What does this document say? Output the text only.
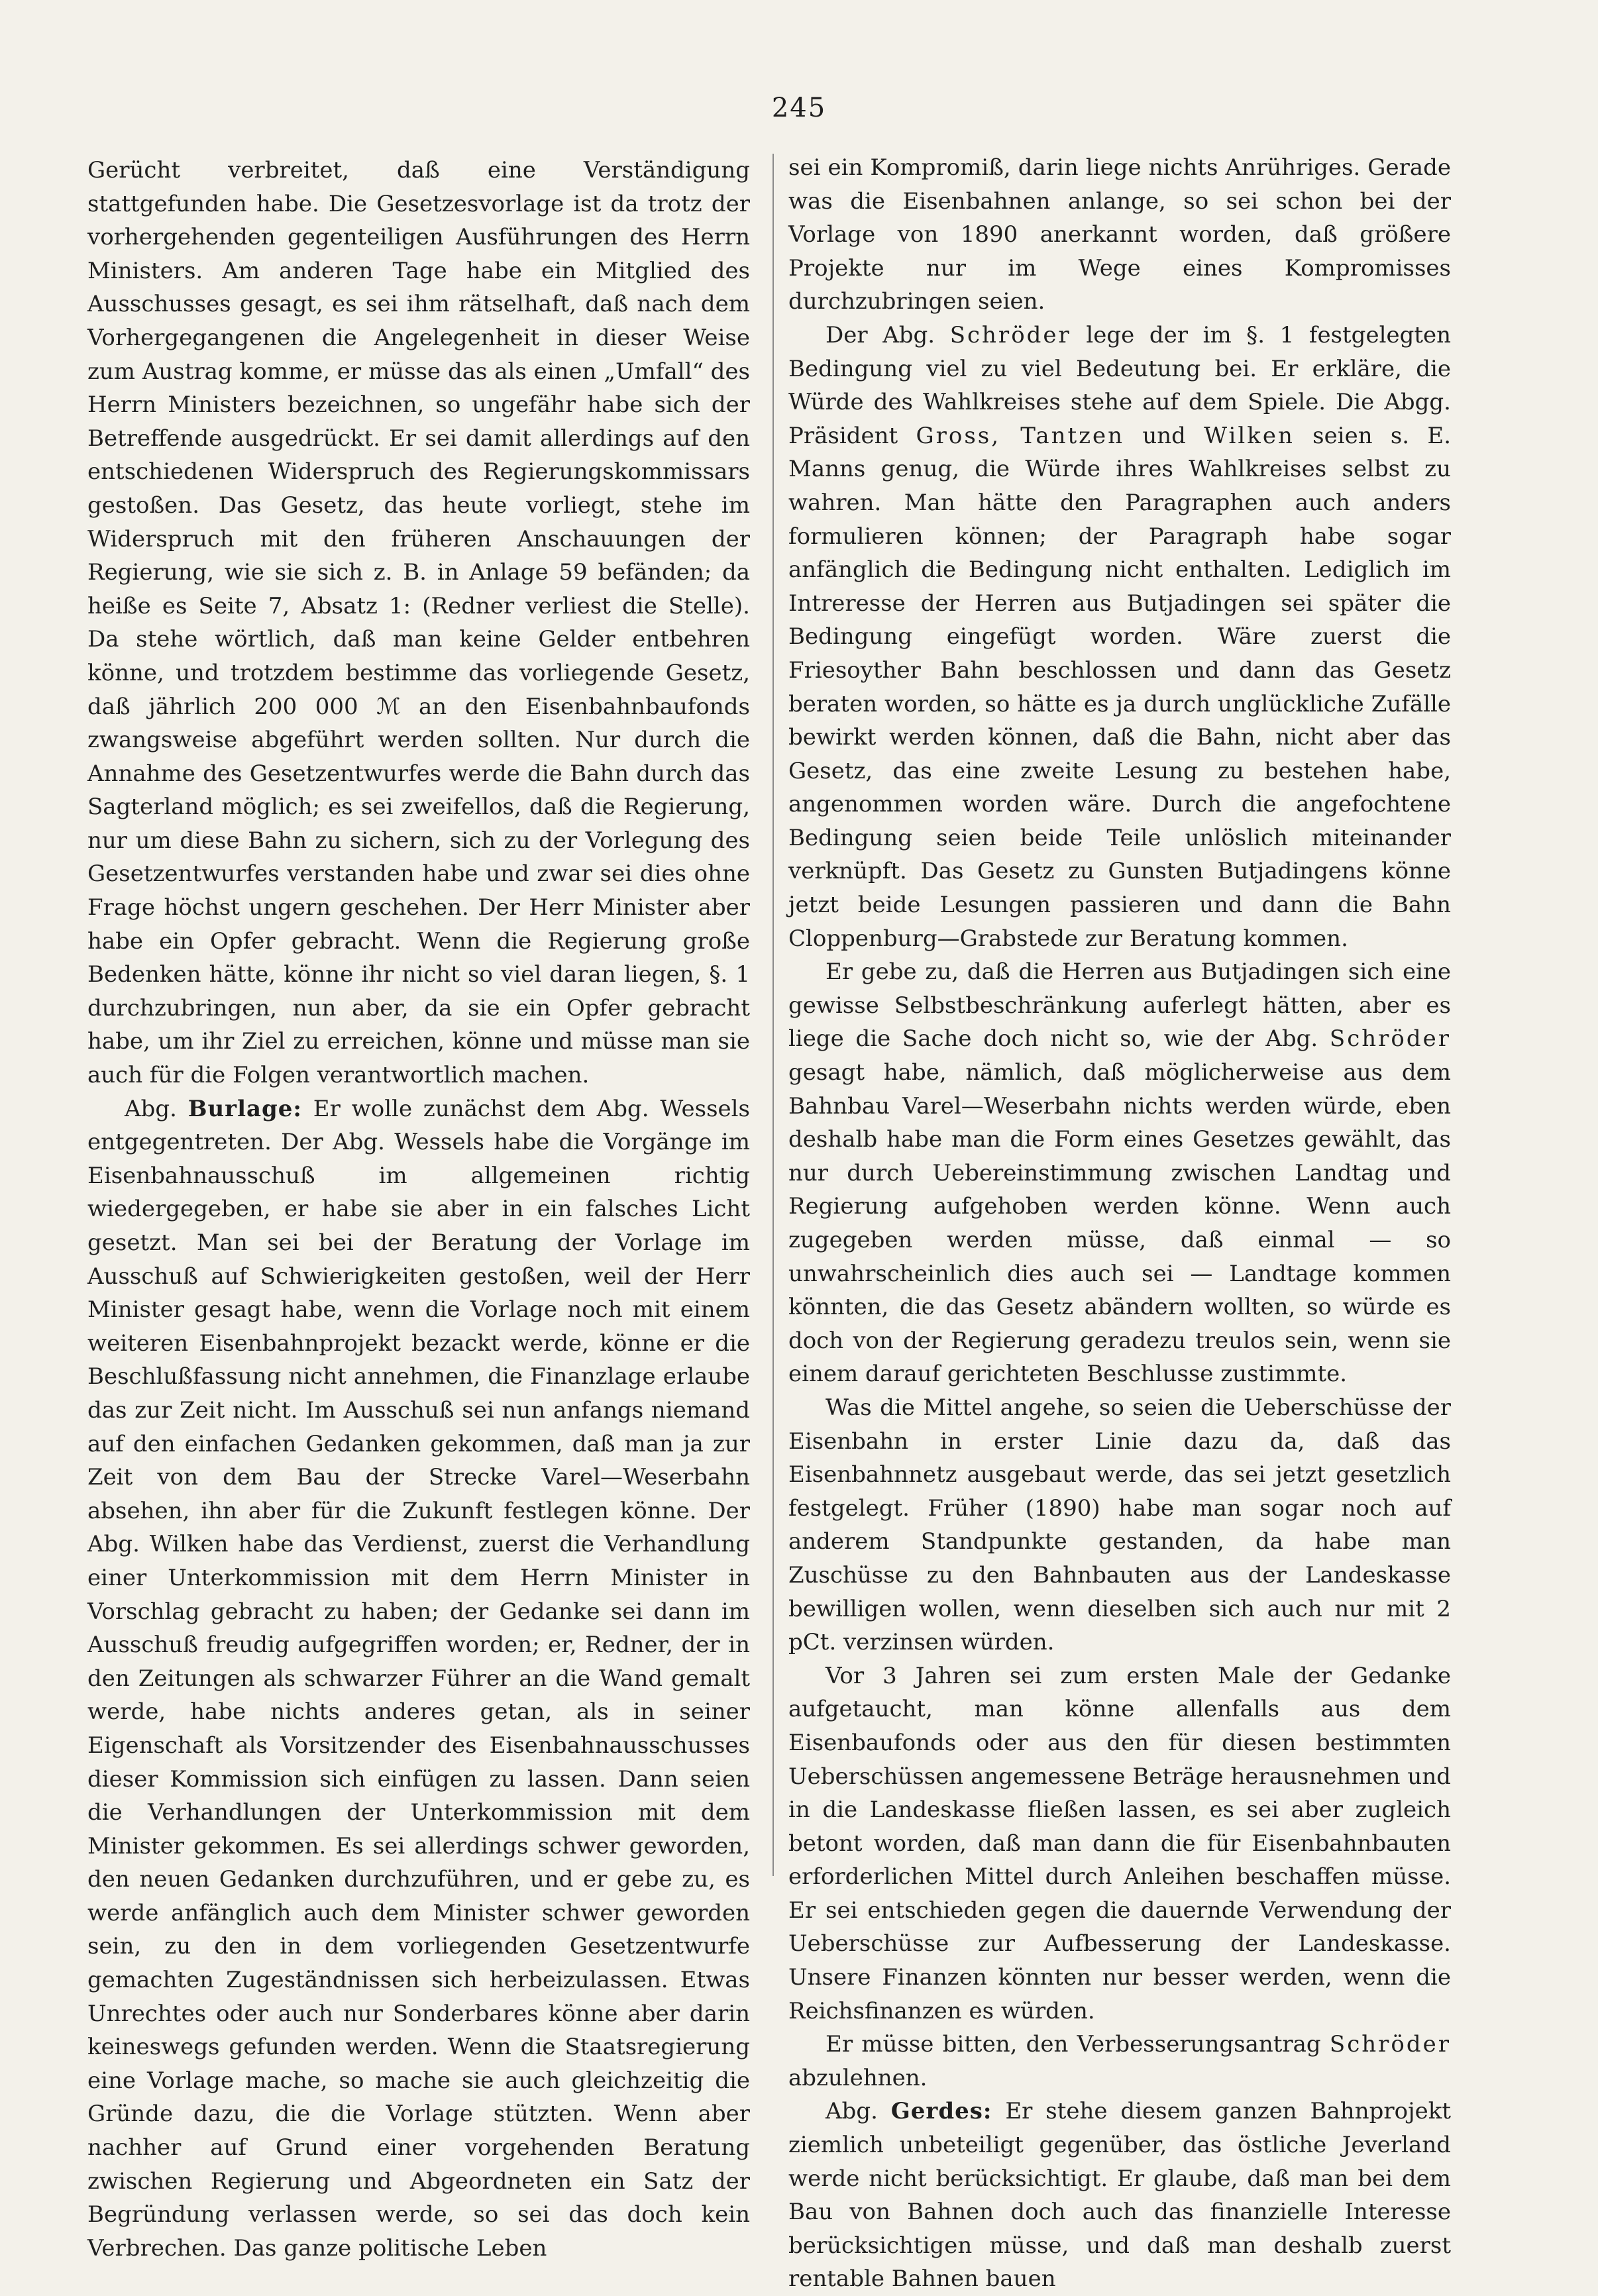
245

Gerücht verbreitet, daß eine Verständigung stattgefunden habe. Die Gesetzesvorlage ist da trotz der vorhergehenden gegenteiligen Ausführungen des Herrn Ministers. Am anderen Tage habe ein Mitglied des Ausschusses gesagt, es sei ihm rätselhaft, daß nach dem Vorhergegangenen die Angelegenheit in dieser Weise zum Austrag komme, er müsse das als einen „Umfall“ des Herrn Ministers bezeichnen, so ungefähr habe sich der Betreffende ausgedrückt. Er sei damit allerdings auf den entschiedenen Widerspruch des Regierungskommissars gestoßen. Das Gesetz, das heute vorliegt, stehe im Widerspruch mit den früheren Anschauungen der Regierung, wie sie sich z. B. in Anlage 59 befänden; da heiße es Seite 7, Absatz 1: (Redner verliest die Stelle). Da stehe wörtlich, daß man keine Gelder entbehren könne, und trotzdem bestimme das vorliegende Gesetz, daß jährlich 200 000 ℳ an den Eisenbahnbaufonds zwangsweise abgeführt werden sollten. Nur durch die Annahme des Gesetzentwurfes werde die Bahn durch das Sagterland möglich; es sei zweifellos, daß die Regierung, nur um diese Bahn zu sichern, sich zu der Vorlegung des Gesetzentwurfes verstanden habe und zwar sei dies ohne Frage höchst ungern geschehen. Der Herr Minister aber habe ein Opfer gebracht. Wenn die Regierung große Bedenken hätte, könne ihr nicht so viel daran liegen, §. 1 durchzubringen, nun aber, da sie ein Opfer gebracht habe, um ihr Ziel zu erreichen, könne und müsse man sie auch für die Folgen verantwortlich machen.

Abg. Burlage: Er wolle zunächst dem Abg. Wessels entgegentreten. Der Abg. Wessels habe die Vorgänge im Eisenbahnausschuß im allgemeinen richtig wiedergegeben, er habe sie aber in ein falsches Licht gesetzt. Man sei bei der Beratung der Vorlage im Ausschuß auf Schwierigkeiten gestoßen, weil der Herr Minister gesagt habe, wenn die Vorlage noch mit einem weiteren Eisenbahnprojekt bezackt werde, könne er die Beschlußfassung nicht annehmen, die Finanzlage erlaube das zur Zeit nicht. Im Ausschuß sei nun anfangs niemand auf den einfachen Gedanken gekommen, daß man ja zur Zeit von dem Bau der Strecke Varel—Weserbahn absehen, ihn aber für die Zukunft festlegen könne. Der Abg. Wilken habe das Verdienst, zuerst die Verhandlung einer Unterkommission mit dem Herrn Minister in Vorschlag gebracht zu haben; der Gedanke sei dann im Ausschuß freudig aufgegriffen worden; er, Redner, der in den Zeitungen als schwarzer Führer an die Wand gemalt werde, habe nichts anderes getan, als in seiner Eigenschaft als Vorsitzender des Eisenbahnausschusses dieser Kommission sich einfügen zu lassen. Dann seien die Verhandlungen der Unterkommission mit dem Minister gekommen. Es sei allerdings schwer geworden, den neuen Gedanken durchzuführen, und er gebe zu, es werde anfänglich auch dem Minister schwer geworden sein, zu den in dem vorliegenden Gesetzentwurfe gemachten Zugeständnissen sich herbeizulassen. Etwas Unrechtes oder auch nur Sonderbares könne aber darin keineswegs gefunden werden. Wenn die Staatsregierung eine Vorlage mache, so mache sie auch gleichzeitig die Gründe dazu, die die Vorlage stützten. Wenn aber nachher auf Grund einer vorgehenden Beratung zwischen Regierung und Abgeordneten ein Satz der Begründung verlassen werde, so sei das doch kein Verbrechen. Das ganze politische Leben

sei ein Kompromiß, darin liege nichts Anrühriges. Gerade was die Eisenbahnen anlange, so sei schon bei der Vorlage von 1890 anerkannt worden, daß größere Projekte nur im Wege eines Kompromisses durchzubringen seien.

Der Abg. Schröder lege der im §. 1 festgelegten Bedingung viel zu viel Bedeutung bei. Er erkläre, die Würde des Wahlkreises stehe auf dem Spiele. Die Abgg. Präsident Gross, Tantzen und Wilken seien s. E. Manns genug, die Würde ihres Wahlkreises selbst zu wahren. Man hätte den Paragraphen auch anders formulieren können; der Paragraph habe sogar anfänglich die Bedingung nicht enthalten. Lediglich im Intreresse der Herren aus Butjadingen sei später die Bedingung eingefügt worden. Wäre zuerst die Friesoyther Bahn beschlossen und dann das Gesetz beraten worden, so hätte es ja durch unglückliche Zufälle bewirkt werden können, daß die Bahn, nicht aber das Gesetz, das eine zweite Lesung zu bestehen habe, angenommen worden wäre. Durch die angefochtene Bedingung seien beide Teile unlöslich miteinander verknüpft. Das Gesetz zu Gunsten Butjadingens könne jetzt beide Lesungen passieren und dann die Bahn Cloppenburg—Grabstede zur Beratung kommen.

Er gebe zu, daß die Herren aus Butjadingen sich eine gewisse Selbstbeschränkung auferlegt hätten, aber es liege die Sache doch nicht so, wie der Abg. Schröder gesagt habe, nämlich, daß möglicherweise aus dem Bahnbau Varel—Weserbahn nichts werden würde, eben deshalb habe man die Form eines Gesetzes gewählt, das nur durch Uebereinstimmung zwischen Landtag und Regierung aufgehoben werden könne. Wenn auch zugegeben werden müsse, daß einmal — so unwahrscheinlich dies auch sei — Landtage kommen könnten, die das Gesetz abändern wollten, so würde es doch von der Regierung geradezu treulos sein, wenn sie einem darauf gerichteten Beschlusse zustimmte.

Was die Mittel angehe, so seien die Ueberschüsse der Eisenbahn in erster Linie dazu da, daß das Eisenbahnnetz ausgebaut werde, das sei jetzt gesetzlich festgelegt. Früher (1890) habe man sogar noch auf anderem Standpunkte gestanden, da habe man Zuschüsse zu den Bahnbauten aus der Landeskasse bewilligen wollen, wenn dieselben sich auch nur mit 2 pCt. verzinsen würden.

Vor 3 Jahren sei zum ersten Male der Gedanke aufgetaucht, man könne allenfalls aus dem Eisenbaufonds oder aus den für diesen bestimmten Ueberschüssen angemessene Beträge herausnehmen und in die Landeskasse fließen lassen, es sei aber zugleich betont worden, daß man dann die für Eisenbahnbauten erforderlichen Mittel durch Anleihen beschaffen müsse. Er sei entschieden gegen die dauernde Verwendung der Ueberschüsse zur Aufbesserung der Landeskasse. Unsere Finanzen könnten nur besser werden, wenn die Reichsfinanzen es würden.

Er müsse bitten, den Verbesserungsantrag Schröder abzulehnen.

Abg. Gerdes: Er stehe diesem ganzen Bahnprojekt ziemlich unbeteiligt gegenüber, das östliche Jeverland werde nicht berücksichtigt. Er glaube, daß man bei dem Bau von Bahnen doch auch das finanzielle Interesse berücksichtigen müsse, und daß man deshalb zuerst rentable Bahnen bauen
